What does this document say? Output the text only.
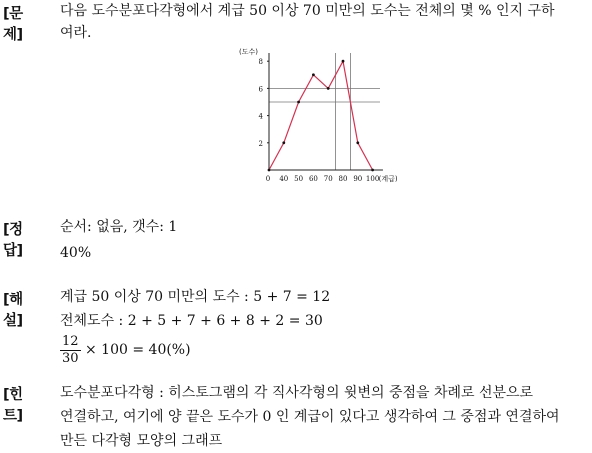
[문제]
다음 도수분포다각형에서 계급 50 이상 70 미만의 도수는 전체의 몇 % 인지 구하
여라.
2
4
6
8
0 40 50 60 70 80 90 100
(도수)
(계급)
[정답]
순서: 없음, 갯수: 1
40%
[해설]
계급 50 이상 70 미만의 도수 : 5 + 7 = 12
전체도수 : 2 + 5 + 7 + 6 + 8 + 2 = 30
$\frac{12}{30} \times 100 = 40(\%)$
[힌트]
도수분포다각형 : 히스토그램의 각 직사각형의 윗변의 중점을 차례로 선분으로
연결하고, 여기에 양 끝은 도수가 0 인 계급이 있다고 생각하여 그 중점과 연결하여
만든 다각형 모양의 그래프
